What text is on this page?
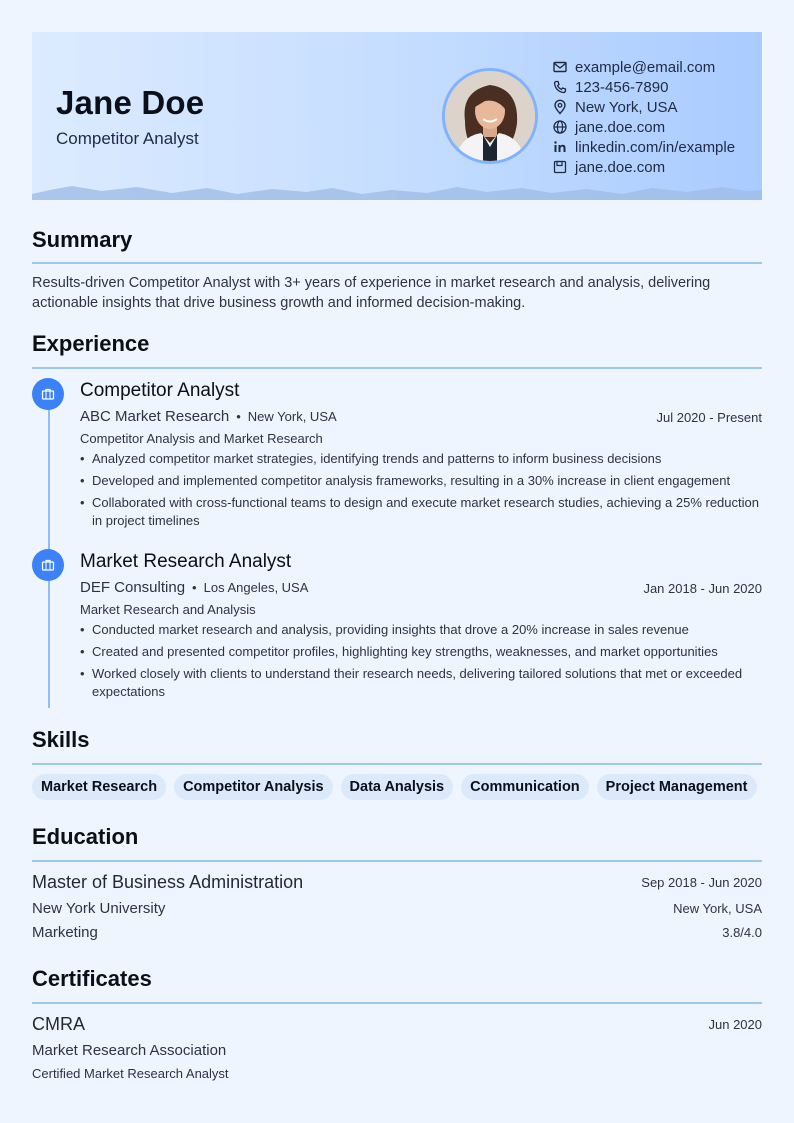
Jane Doe
Competitor Analyst
example@email.com
123-456-7890
New York, USA
jane.doe.com
linkedin.com/in/example
jane.doe.com
Summary
Results-driven Competitor Analyst with 3+ years of experience in market research and analysis, delivering actionable insights that drive business growth and informed decision-making.
Experience
Competitor Analyst
ABC Market Research • New York, USA	Jul 2020 - Present
Competitor Analysis and Market Research
• Analyzed competitor market strategies, identifying trends and patterns to inform business decisions
• Developed and implemented competitor analysis frameworks, resulting in a 30% increase in client engagement
• Collaborated with cross-functional teams to design and execute market research studies, achieving a 25% reduction in project timelines
Market Research Analyst
DEF Consulting • Los Angeles, USA	Jan 2018 - Jun 2020
Market Research and Analysis
• Conducted market research and analysis, providing insights that drove a 20% increase in sales revenue
• Created and presented competitor profiles, highlighting key strengths, weaknesses, and market opportunities
• Worked closely with clients to understand their research needs, delivering tailored solutions that met or exceeded expectations
Skills
Market Research	Competitor Analysis	Data Analysis	Communication	Project Management
Education
Master of Business Administration	Sep 2018 - Jun 2020
New York University	New York, USA
Marketing	3.8/4.0
Certificates
CMRA	Jun 2020
Market Research Association
Certified Market Research Analyst
